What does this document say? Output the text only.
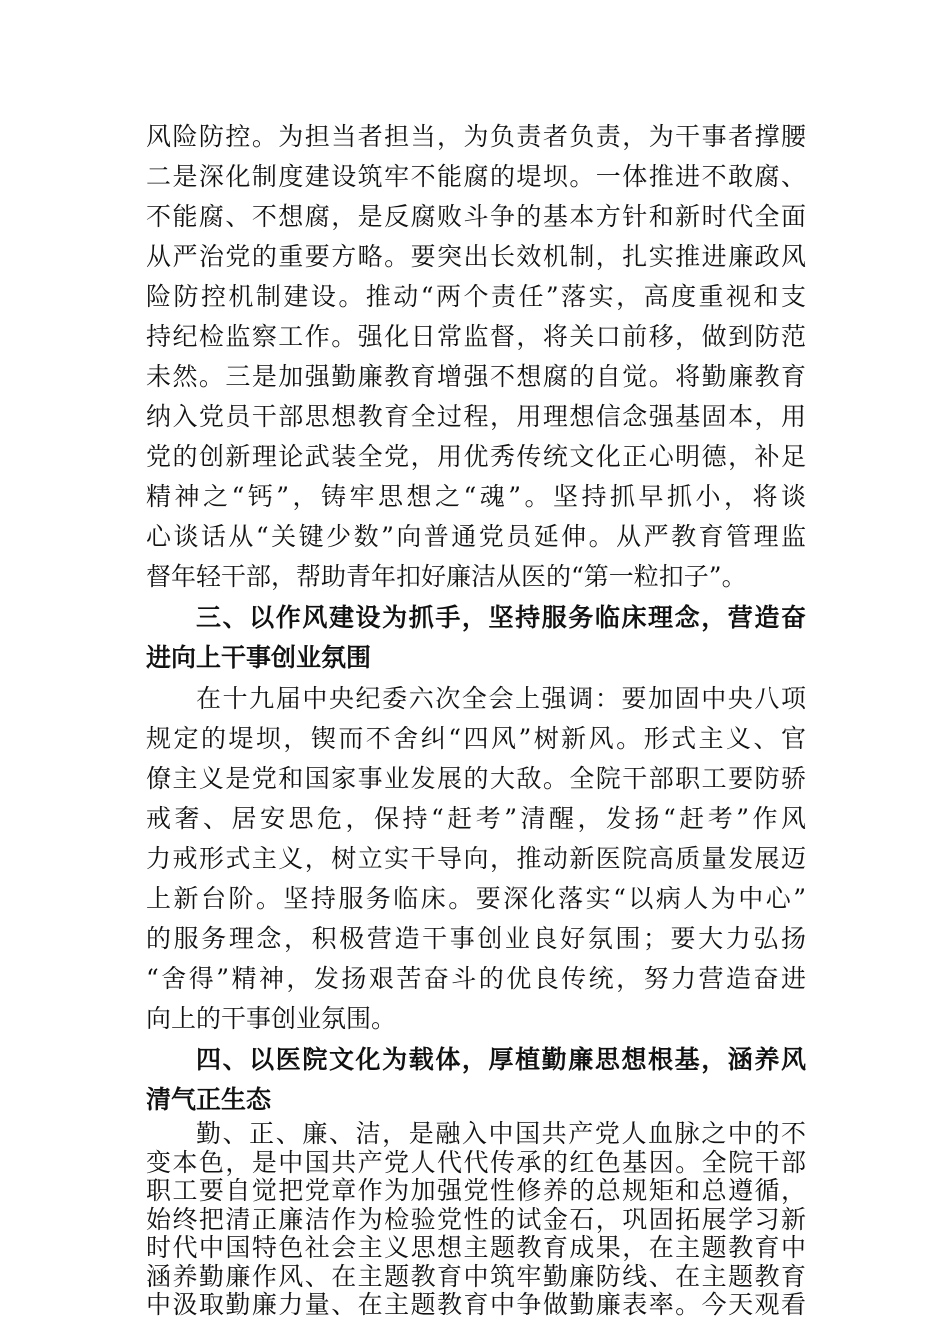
风险防控。为担当者担当，为负责者负责，为干事者撑腰
二是深化制度建设筑牢不能腐的堤坝。一体推进不敢腐、
不能腐、不想腐，是反腐败斗争的基本方针和新时代全面
从严治党的重要方略。要突出长效机制，扎实推进廉政风
险防控机制建设。推动“两个责任”落实，高度重视和支
持纪检监察工作。强化日常监督，将关口前移，做到防范
未然。三是加强勤廉教育增强不想腐的自觉。将勤廉教育
纳入党员干部思想教育全过程，用理想信念强基固本，用
党的创新理论武装全党，用优秀传统文化正心明德，补足
精神之“钙”，铸牢思想之“魂”。坚持抓早抓小，将谈
心谈话从“关键少数”向普通党员延伸。从严教育管理监
督年轻干部，帮助青年扣好廉洁从医的“第一粒扣子”。
三、以作风建设为抓手，坚持服务临床理念，营造奋
进向上干事创业氛围
在十九届中央纪委六次全会上强调：要加固中央八项
规定的堤坝，锲而不舍纠“四风”树新风。形式主义、官
僚主义是党和国家事业发展的大敌。全院干部职工要防骄
戒奢、居安思危，保持“赶考”清醒，发扬“赶考”作风
力戒形式主义，树立实干导向，推动新医院高质量发展迈
上新台阶。坚持服务临床。要深化落实“以病人为中心”
的服务理念，积极营造干事创业良好氛围；要大力弘扬
“舍得”精神，发扬艰苦奋斗的优良传统，努力营造奋进
向上的干事创业氛围。
四、以医院文化为载体，厚植勤廉思想根基，涵养风
清气正生态
勤、正、廉、洁，是融入中国共产党人血脉之中的不
变本色，是中国共产党人代代传承的红色基因。全院干部
职工要自觉把党章作为加强党性修养的总规矩和总遵循，
始终把清正廉洁作为检验党性的试金石，巩固拓展学习新
时代中国特色社会主义思想主题教育成果，在主题教育中
涵养勤廉作风、在主题教育中筑牢勤廉防线、在主题教育
中汲取勤廉力量、在主题教育中争做勤廉表率。今天观看
